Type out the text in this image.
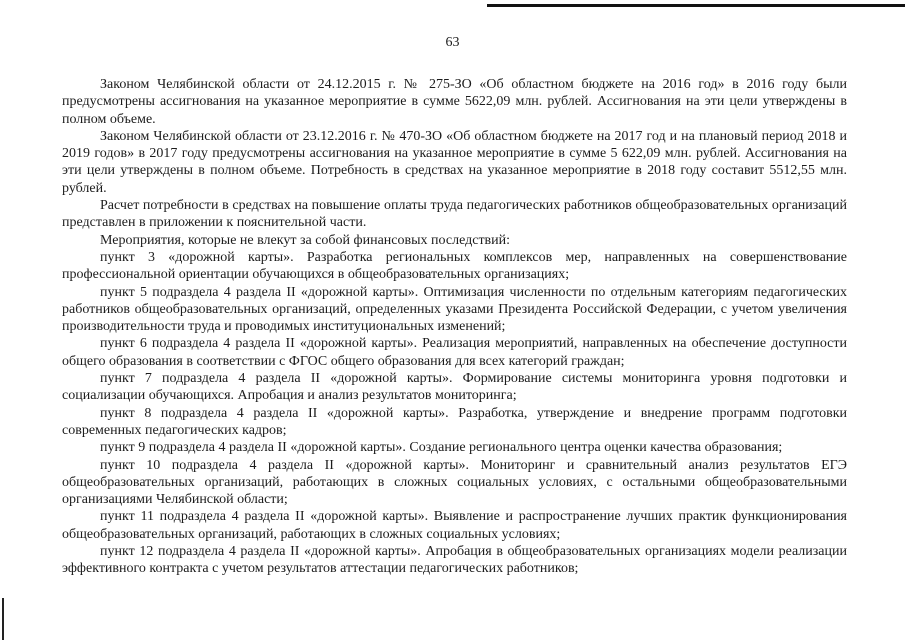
63

Законом Челябинской области от 24.12.2015 г. № 275-ЗО «Об областном бюджете на 2016 год» в 2016 году были предусмотрены ассигнования на указанное мероприятие в сумме 5622,09 млн. рублей. Ассигнования на эти цели утверждены в полном объеме.

Законом Челябинской области от 23.12.2016 г. № 470-ЗО «Об областном бюджете на 2017 год и на плановый период 2018 и 2019 годов» в 2017 году предусмотрены ассигнования на указанное мероприятие в сумме 5 622,09 млн. рублей. Ассигнования на эти цели утверждены в полном объеме. Потребность в средствах на указанное мероприятие в 2018 году составит 5512,55 млн. рублей.

Расчет потребности в средствах на повышение оплаты труда педагогических работников общеобразовательных организаций представлен в приложении к пояснительной части.

Мероприятия, которые не влекут за собой финансовых последствий:

пункт 3 «дорожной карты». Разработка региональных комплексов мер, направленных на совершенствование профессиональной ориентации обучающихся в общеобразовательных организациях;

пункт 5 подраздела 4 раздела II «дорожной карты». Оптимизация численности по отдельным категориям педагогических работников общеобразовательных организаций, определенных указами Президента Российской Федерации, с учетом увеличения производительности труда и проводимых институциональных изменений;

пункт 6 подраздела 4 раздела II «дорожной карты». Реализация мероприятий, направленных на обеспечение доступности общего образования в соответствии с ФГОС общего образования для всех категорий граждан;

пункт 7 подраздела 4 раздела II «дорожной карты». Формирование системы мониторинга уровня подготовки и социализации обучающихся. Апробация и анализ результатов мониторинга;

пункт 8 подраздела 4 раздела II «дорожной карты». Разработка, утверждение и внедрение программ подготовки современных педагогических кадров;

пункт 9 подраздела 4 раздела II «дорожной карты». Создание регионального центра оценки качества образования;

пункт 10 подраздела 4 раздела II «дорожной карты». Мониторинг и сравнительный анализ результатов ЕГЭ общеобразовательных организаций, работающих в сложных социальных условиях, с остальными общеобразовательными организациями Челябинской области;

пункт 11 подраздела 4 раздела II «дорожной карты». Выявление и распространение лучших практик функционирования общеобразовательных организаций, работающих в сложных социальных условиях;

пункт 12 подраздела 4 раздела II «дорожной карты». Апробация в общеобразовательных организациях модели реализации эффективного контракта с учетом результатов аттестации педагогических работников;
